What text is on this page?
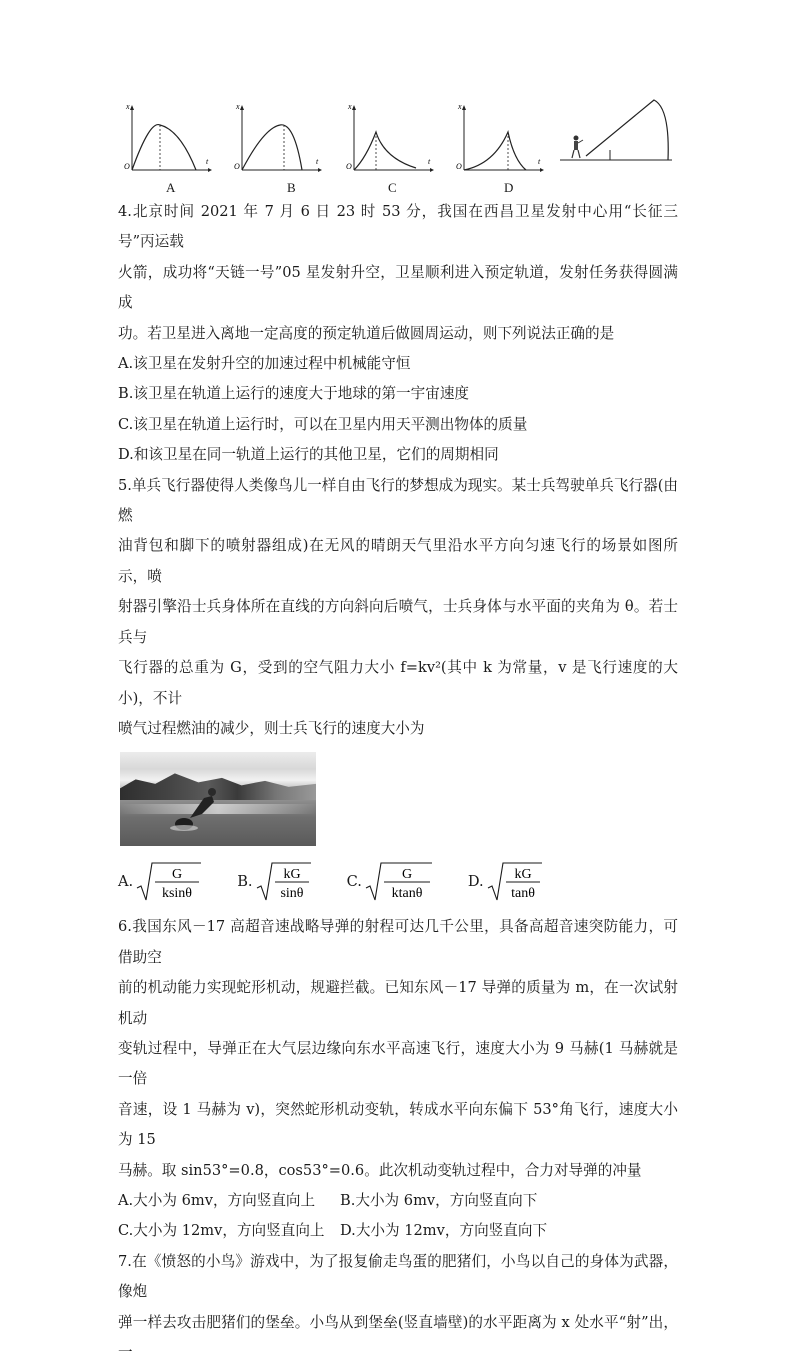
x
t
O
x
t
O
x
t
O
x
t
O
A	B	C	D

4.北京时间 2021 年 7 月 6 日 23 时 53 分，我国在西昌卫星发射中心用“长征三号”丙运载

火箭，成功将“天链一号”05 星发射升空，卫星顺利进入预定轨道，发射任务获得圆满成

功。若卫星进入离地一定高度的预定轨道后做圆周运动，则下列说法正确的是

A.该卫星在发射升空的加速过程中机械能守恒

B.该卫星在轨道上运行的速度大于地球的第一宇宙速度

C.该卫星在轨道上运行时，可以在卫星内用天平测出物体的质量

D.和该卫星在同一轨道上运行的其他卫星，它们的周期相同

5.单兵飞行器使得人类像鸟儿一样自由飞行的梦想成为现实。某士兵驾驶单兵飞行器(由燃

油背包和脚下的喷射器组成)在无风的晴朗天气里沿水平方向匀速飞行的场景如图所示，喷

射器引擎沿士兵身体所在直线的方向斜向后喷气，士兵身体与水平面的夹角为 θ。若士兵与

飞行器的总重为 G，受到的空气阻力大小 f=kv²(其中 k 为常量，v 是飞行速度的大小)，不计

喷气过程燃油的减少，则士兵飞行的速度大小为

A.	G
ksinθ
B. kG
sinθ
C.	G
ktanθ
D. kG
tanθ

6.我国东风－17 高超音速战略导弹的射程可达几千公里，具备高超音速突防能力，可借助空

前的机动能力实现蛇形机动，规避拦截。已知东风－17 导弹的质量为 m，在一次试射机动

变轨过程中，导弹正在大气层边缘向东水平高速飞行，速度大小为 9 马赫(1 马赫就是一倍

音速，设 1 马赫为 v)，突然蛇形机动变轨，转成水平向东偏下 53°角飞行，速度大小为 15

马赫。取 sin53°=0.8，cos53°=0.6。此次机动变轨过程中，合力对导弹的冲量

A.大小为 6mv，方向竖直向上	B.大小为 6mv，方向竖直向下
C.大小为 12mv，方向竖直向上	D.大小为 12mv，方向竖直向下

7.在《愤怒的小鸟》游戏中，为了报复偷走鸟蛋的肥猪们，小鸟以自己的身体为武器，像炮

弹一样去攻击肥猪们的堡垒。小鸟从到堡垒(竖直墙壁)的水平距离为 x 处水平“射”出，一
